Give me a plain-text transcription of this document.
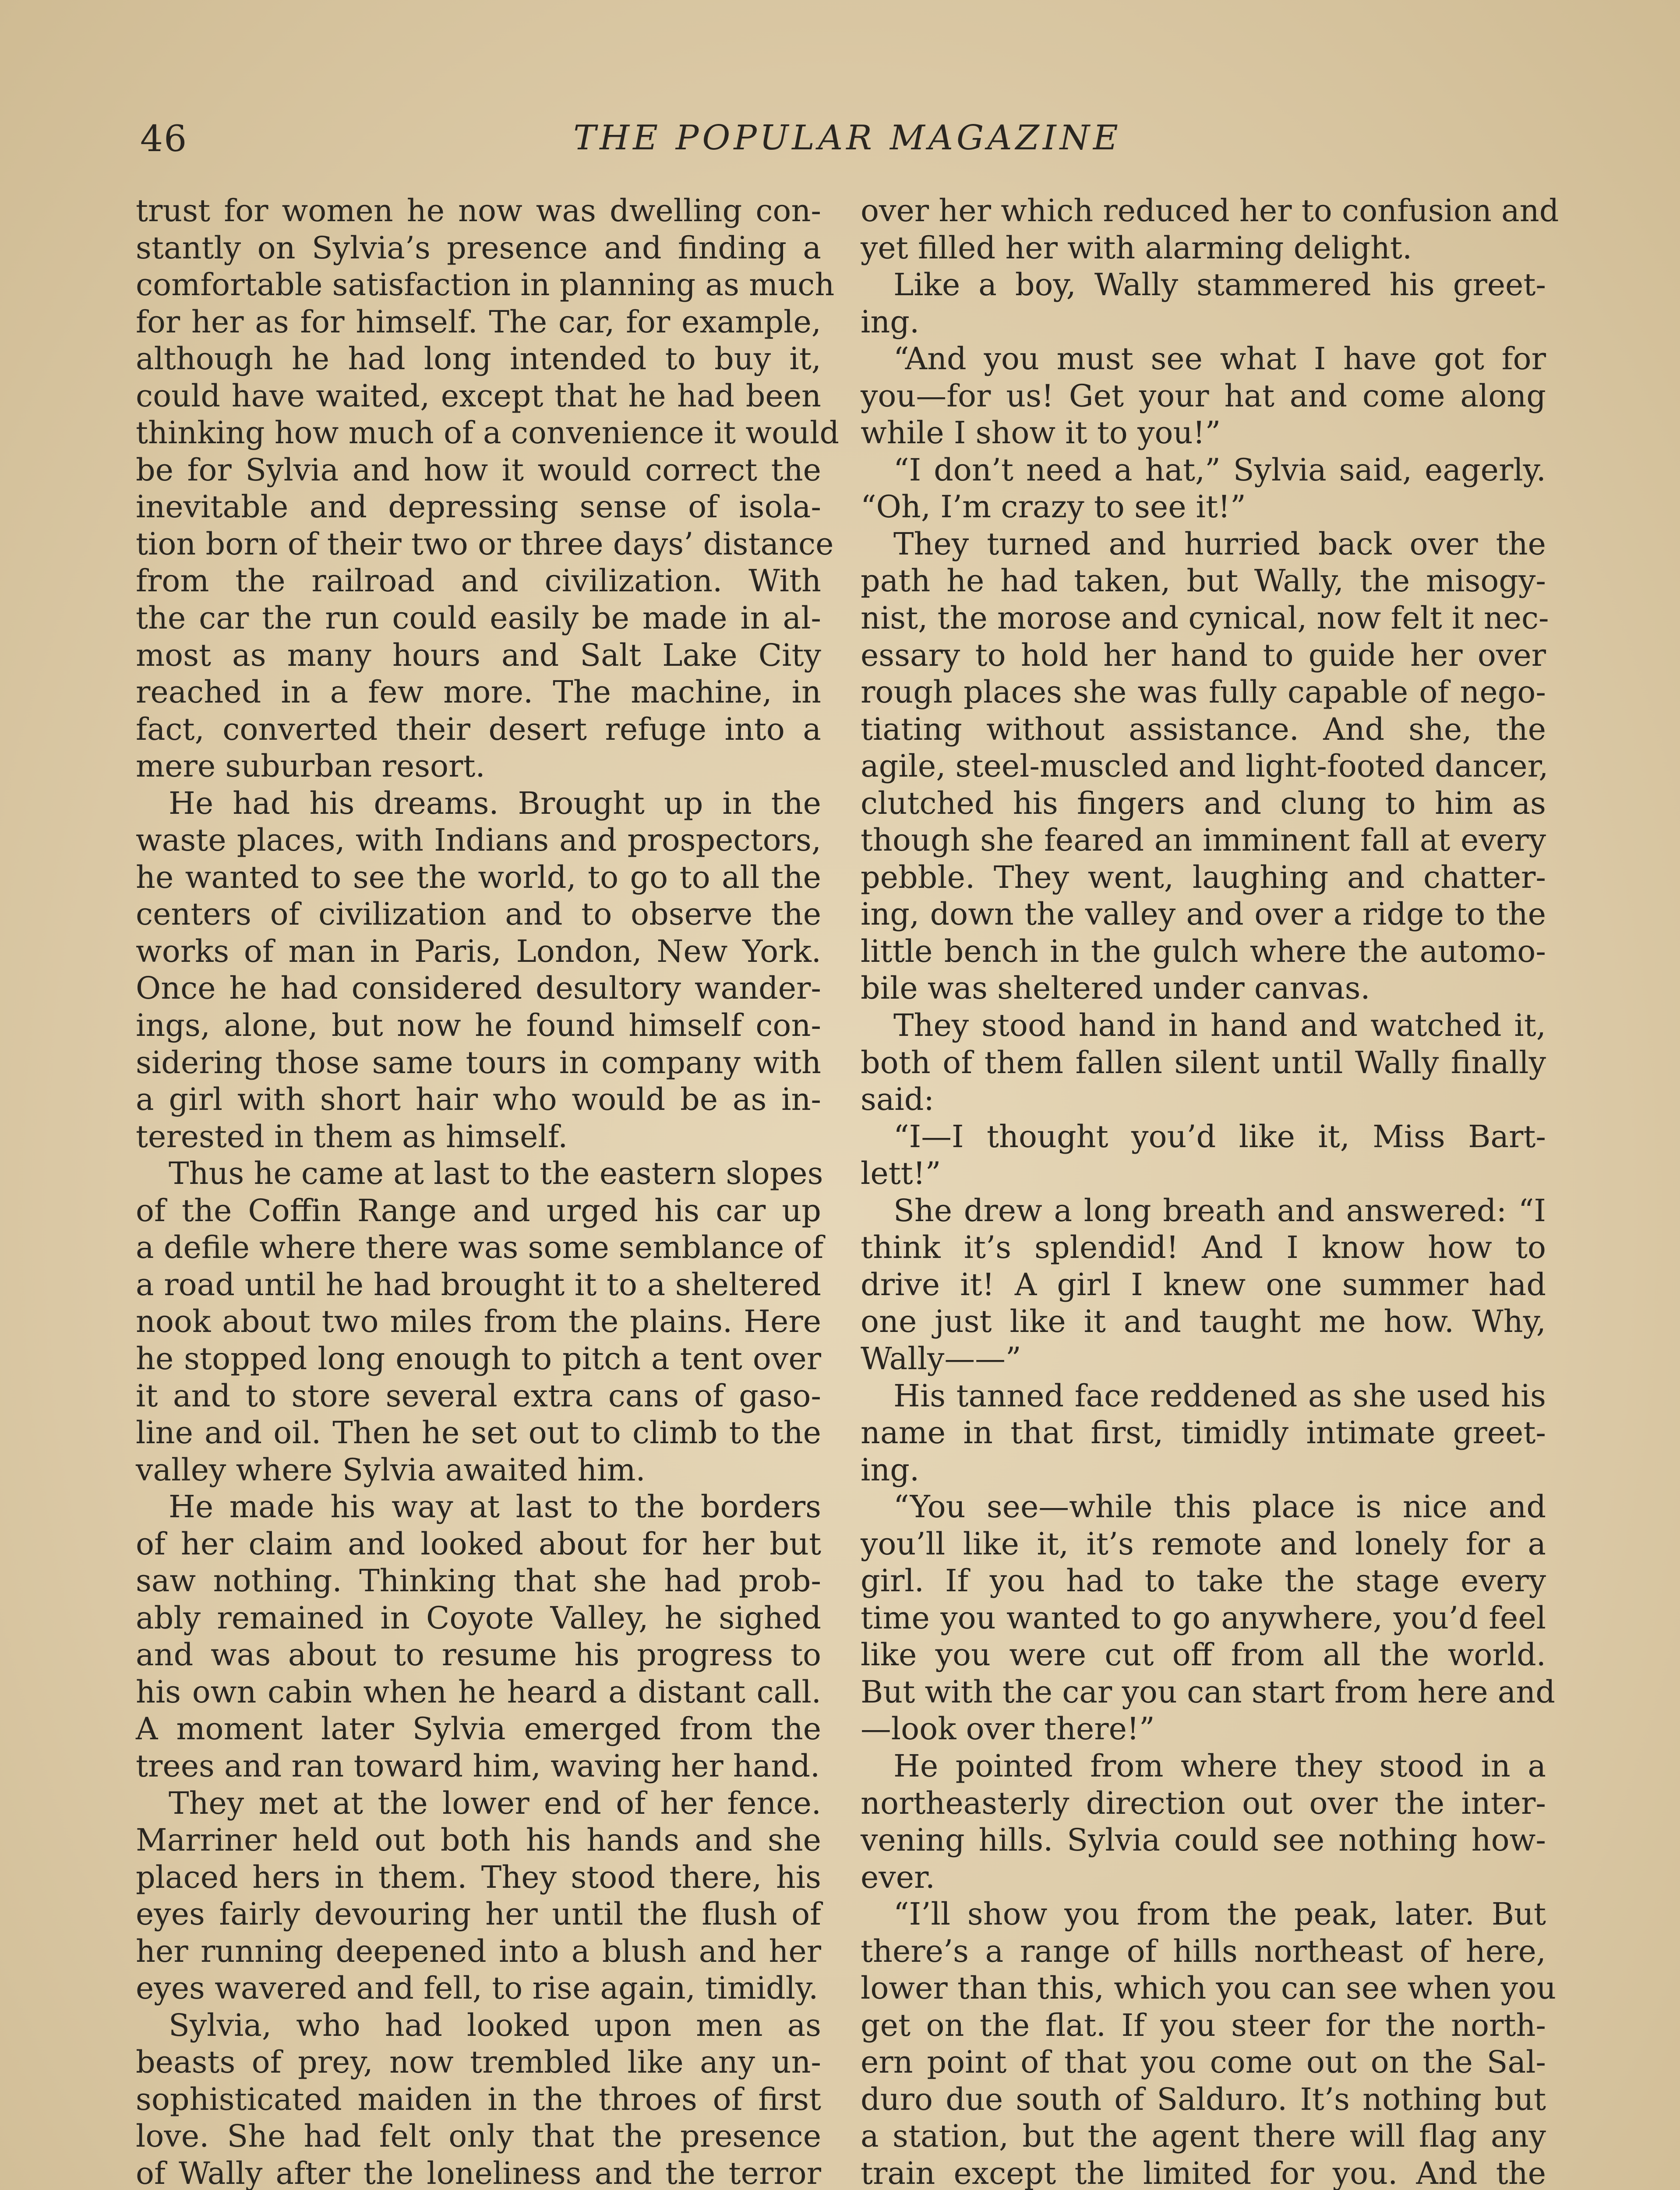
46	THE POPULAR MAGAZINE
trust for women he now was dwelling con-
stantly on Sylvia’s presence and finding a
comfortable satisfaction in planning as much
for her as for himself. The car, for example,
although he had long intended to buy it,
could have waited, except that he had been
thinking how much of a convenience it would
be for Sylvia and how it would correct the
inevitable and depressing sense of isola-
tion born of their two or three days’ distance
from the railroad and civilization. With
the car the run could easily be made in al-
most as many hours and Salt Lake City
reached in a few more. The machine, in
fact, converted their desert refuge into a
mere suburban resort.
He had his dreams. Brought up in the
waste places, with Indians and prospectors,
he wanted to see the world, to go to all the
centers of civilization and to observe the
works of man in Paris, London, New York.
Once he had considered desultory wander-
ings, alone, but now he found himself con-
sidering those same tours in company with
a girl with short hair who would be as in-
terested in them as himself.
Thus he came at last to the eastern slopes
of the Coffin Range and urged his car up
a defile where there was some semblance of
a road until he had brought it to a sheltered
nook about two miles from the plains. Here
he stopped long enough to pitch a tent over
it and to store several extra cans of gaso-
line and oil. Then he set out to climb to the
valley where Sylvia awaited him.
He made his way at last to the borders
of her claim and looked about for her but
saw nothing. Thinking that she had prob-
ably remained in Coyote Valley, he sighed
and was about to resume his progress to
his own cabin when he heard a distant call.
A moment later Sylvia emerged from the
trees and ran toward him, waving her hand.
They met at the lower end of her fence.
Marriner held out both his hands and she
placed hers in them. They stood there, his
eyes fairly devouring her until the flush of
her running deepened into a blush and her
eyes wavered and fell, to rise again, timidly.
Sylvia, who had looked upon men as
beasts of prey, now trembled like any un-
sophisticated maiden in the throes of first
love. She had felt only that the presence
of Wally after the loneliness and the terror
over her which reduced her to confusion and
yet filled her with alarming delight.
Like a boy, Wally stammered his greet-
ing.
“And you must see what I have got for
you—for us! Get your hat and come along
while I show it to you!”
“I don’t need a hat,” Sylvia said, eagerly.
“Oh, I’m crazy to see it!”
They turned and hurried back over the
path he had taken, but Wally, the misogy-
nist, the morose and cynical, now felt it nec-
essary to hold her hand to guide her over
rough places she was fully capable of nego-
tiating without assistance. And she, the
agile, steel-muscled and light-footed dancer,
clutched his fingers and clung to him as
though she feared an imminent fall at every
pebble. They went, laughing and chatter-
ing, down the valley and over a ridge to the
little bench in the gulch where the automo-
bile was sheltered under canvas.
They stood hand in hand and watched it,
both of them fallen silent until Wally finally
said:
“I—I thought you’d like it, Miss Bart-
lett!”
She drew a long breath and answered: “I
think it’s splendid! And I know how to
drive it! A girl I knew one summer had
one just like it and taught me how. Why,
Wally——”
His tanned face reddened as she used his
name in that first, timidly intimate greet-
ing.
“You see—while this place is nice and
you’ll like it, it’s remote and lonely for a
girl. If you had to take the stage every
time you wanted to go anywhere, you’d feel
like you were cut off from all the world.
But with the car you can start from here and
—look over there!”
He pointed from where they stood in a
northeasterly direction out over the inter-
vening hills. Sylvia could see nothing how-
ever.
“I’ll show you from the peak, later. But
there’s a range of hills northeast of here,
lower than this, which you can see when you
get on the flat. If you steer for the north-
ern point of that you come out on the Sal-
duro due south of Salduro. It’s nothing but
a station, but the agent there will flag any
train except the limited for you. And the
